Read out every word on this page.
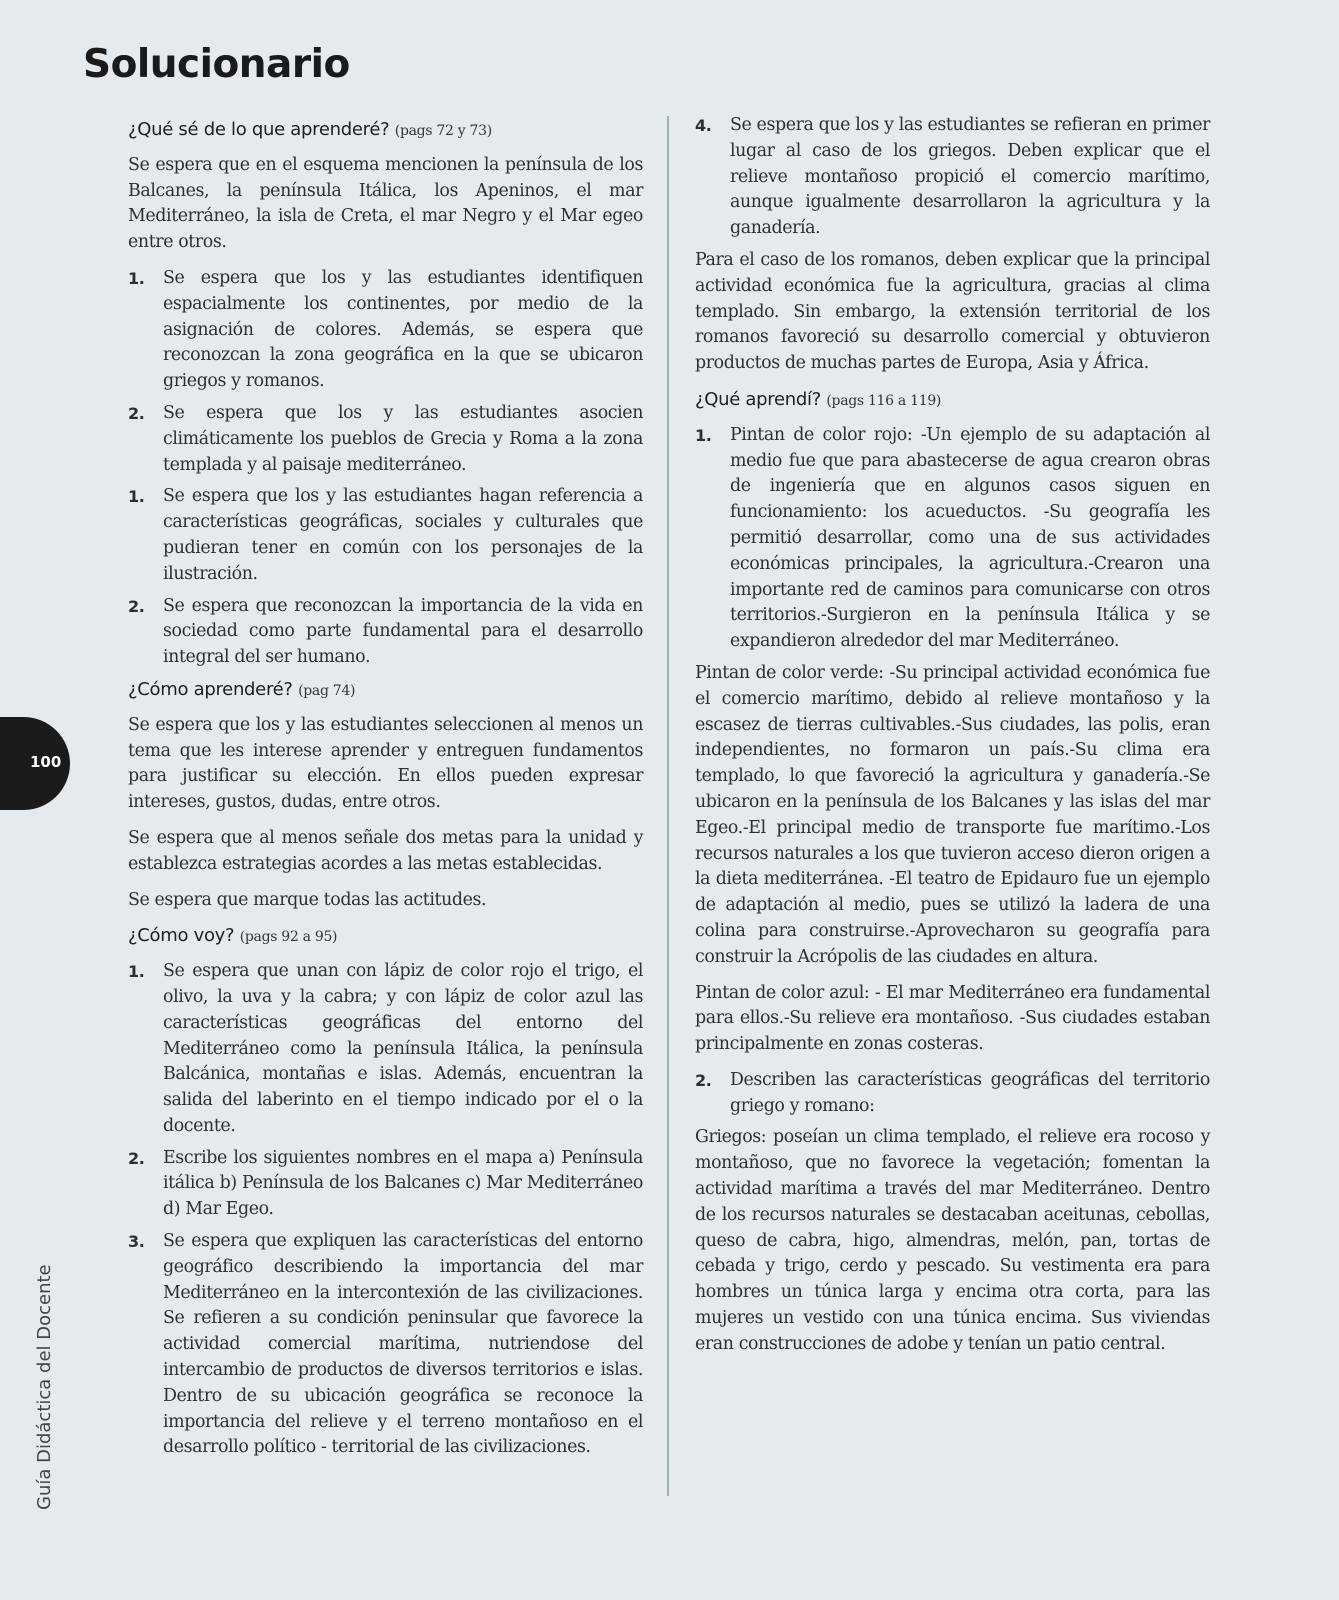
Solucionario
¿Qué sé de lo que aprenderé? (pags 72 y 73)

Se espera que en el esquema mencionen la península de los Balcanes, la península Itálica, los Apeninos, el mar Mediterráneo, la isla de Creta, el mar Negro y el Mar egeo entre otros.

1. Se espera que los y las estudiantes identifiquen espacialmente los continentes, por medio de la asignación de colores. Además, se espera que reconozcan la zona geográfica en la que se ubicaron griegos y romanos.
2. Se espera que los y las estudiantes asocien climáticamente los pueblos de Grecia y Roma a la zona templada y al paisaje mediterráneo.
1. Se espera que los y las estudiantes hagan referencia a características geográficas, sociales y culturales que pudieran tener en común con los personajes de la ilustración.
2. Se espera que reconozcan la importancia de la vida en sociedad como parte fundamental para el desarrollo integral del ser humano.
¿Cómo aprenderé? (pag 74)

Se espera que los y las estudiantes seleccionen al menos un tema que les interese aprender y entreguen fundamentos para justificar su elección. En ellos pueden expresar intereses, gustos, dudas, entre otros.

Se espera que al menos señale dos metas para la unidad y establezca estrategias acordes a las metas establecidas.

Se espera que marque todas las actitudes.

¿Cómo voy? (pags 92 a 95)
1. Se espera que unan con lápiz de color rojo el trigo, el olivo, la uva y la cabra; y con lápiz de color azul las características geográficas del entorno del Mediterráneo como la península Itálica, la península Balcánica, montañas e islas. Además, encuentran la salida del laberinto en el tiempo indicado por el o la docente.
2. Escribe los siguientes nombres en el mapa a) Península itálica b) Península de los Balcanes c) Mar Mediterráneo d) Mar Egeo.
3. Se espera que expliquen las características del entorno geográfico describiendo la importancia del mar Mediterráneo en la intercontexión de las civilizaciones. Se refieren a su condición peninsular que favorece la actividad comercial marítima, nutriendose del intercambio de productos de diversos territorios e islas. Dentro de su ubicación geográfica se reconoce la importancia del relieve y el terreno montañoso en el desarrollo político - territorial de las civilizaciones.
4. Se espera que los y las estudiantes se refieran en primer lugar al caso de los griegos. Deben explicar que el relieve montañoso propició el comercio marítimo, aunque igualmente desarrollaron la agricultura y la ganadería.

Para el caso de los romanos, deben explicar que la principal actividad económica fue la agricultura, gracias al clima templado. Sin embargo, la extensión territorial de los romanos favoreció su desarrollo comercial y obtuvieron productos de muchas partes de Europa, Asia y África.

¿Qué aprendí? (pags 116 a 119)
1. Pintan de color rojo: -Un ejemplo de su adaptación al medio fue que para abastecerse de agua crearon obras de ingeniería que en algunos casos siguen en funcionamiento: los acueductos. -Su geografía les permitió desarrollar, como una de sus actividades económicas principales, la agricultura.-Crearon una importante red de caminos para comunicarse con otros territorios.-Surgieron en la península Itálica y se expandieron alrededor del mar Mediterráneo.

Pintan de color verde: -Su principal actividad económica fue el comercio marítimo, debido al relieve montañoso y la escasez de tierras cultivables.-Sus ciudades, las polis, eran independientes, no formaron un país.-Su clima era templado, lo que favoreció la agricultura y ganadería.-Se ubicaron en la península de los Balcanes y las islas del mar Egeo.-El principal medio de transporte fue marítimo.-Los recursos naturales a los que tuvieron acceso dieron origen a la dieta mediterránea. -El teatro de Epidauro fue un ejemplo de adaptación al medio, pues se utilizó la ladera de una colina para construirse.-Aprovecharon su geografía para construir la Acrópolis de las ciudades en altura.

Pintan de color azul: - El mar Mediterráneo era fundamental para ellos.-Su relieve era montañoso. -Sus ciudades estaban principalmente en zonas costeras.

2. Describen las características geográficas del territorio griego y romano:

Griegos: poseían un clima templado, el relieve era rocoso y montañoso, que no favorece la vegetación; fomentan la actividad marítima a través del mar Mediterráneo. Dentro de los recursos naturales se destacaban aceitunas, cebollas, queso de cabra, higo, almendras, melón, pan, tortas de cebada y trigo, cerdo y pescado. Su vestimenta era para hombres un túnica larga y encima otra corta, para las mujeres un vestido con una túnica encima. Sus viviendas eran construcciones de adobe y tenían un patio central.

100
Guía Didáctica del Docente
